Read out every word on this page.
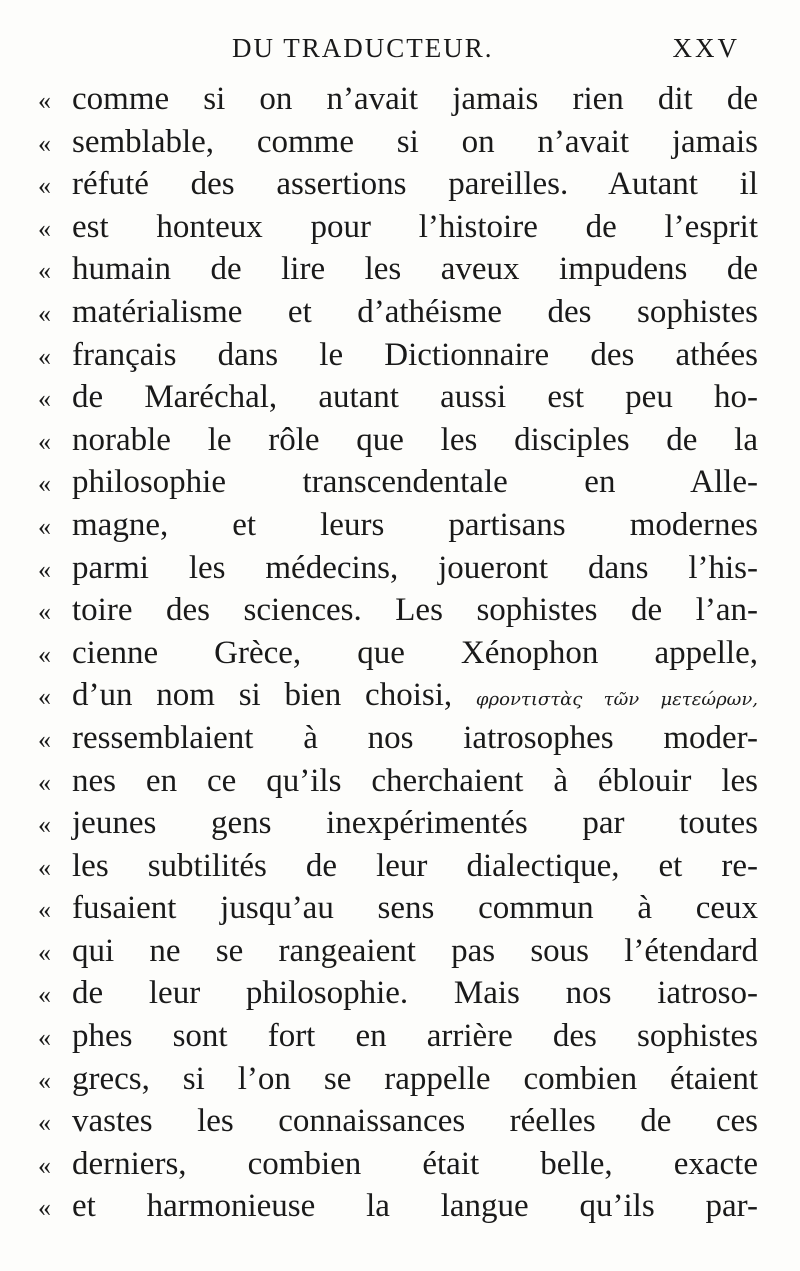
DU TRADUCTEUR.	XXV
« comme si on n’avait jamais rien dit de
« semblable, comme si on n’avait jamais
« réfuté des assertions pareilles. Autant il
« est honteux pour l’histoire de l’esprit
« humain de lire les aveux impudens de
« matérialisme et d’athéisme des sophistes
« français dans le Dictionnaire des athées
« de Maréchal, autant aussi est peu ho-
« norable le rôle que les disciples de la
« philosophie transcendentale en Alle-
« magne, et leurs partisans modernes
« parmi les médecins, joueront dans l’his-
« toire des sciences. Les sophistes de l’an-
« cienne Grèce, que Xénophon appelle,
« d’un nom si bien choisi, φροντιστὰς τῶν μετεώρων,
« ressemblaient à nos iatrosophes moder-
« nes en ce qu’ils cherchaient à éblouir les
« jeunes gens inexpérimentés par toutes
« les subtilités de leur dialectique, et re-
« fusaient jusqu’au sens commun à ceux
« qui ne se rangeaient pas sous l’étendard
« de leur philosophie. Mais nos iatroso-
« phes sont fort en arrière des sophistes
« grecs, si l’on se rappelle combien étaient
« vastes les connaissances réelles de ces
« derniers, combien était belle, exacte
« et harmonieuse la langue qu’ils par-
